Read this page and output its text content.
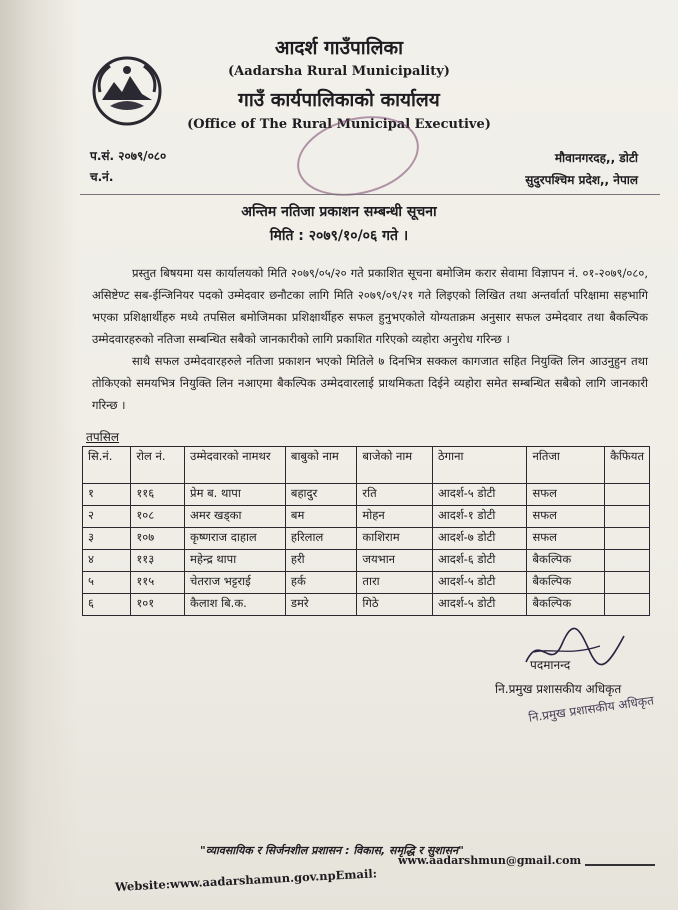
आदर्श गाउँपालिका
(Aadarsha Rural Municipality)
गाउँ कार्यपालिकाको कार्यालय
(Office of The Rural Municipal Executive)
प.सं. २०७९/०८०
च.नं.
मौवानगरदह,, डोटी
सुदुरपश्चिम प्रदेश,, नेपाल
अन्तिम नतिजा प्रकाशन सम्बन्धी सूचना
मिति : २०७९/१०/०६ गते ।
प्रस्तुत बिषयमा यस कार्यालयको मिति २०७९/०५/२० गते प्रकाशित सूचना बमोजिम करार सेवामा विज्ञापन नं. ०१-२०७९/०८०, असिष्टेण्ट सब-ईन्जिनियर पदको उम्मेदवार छनौटका लागि मिति २०७९/०९/२१ गते लिइएको लिखित तथा अन्तर्वार्ता परिक्षामा सहभागि भएका प्रशिक्षार्थीहरु मध्ये तपसिल बमोजिमका प्रशिक्षार्थीहरु सफल हुनुभएकोले योग्यताक्रम अनुसार सफल उम्मेदवार तथा बैकल्पिक उम्मेदवारहरुको नतिजा सम्बन्धित सबैको जानकारीको लागि प्रकाशित गरिएको व्यहोरा अनुरोध गरिन्छ ।
साथै सफल उम्मेदवारहरुले नतिजा प्रकाशन भएको मितिले ७ दिनभित्र सक्कल कागजात सहित नियुक्ति लिन आउनुहुन तथा तोकिएको समयभित्र नियुक्ति लिन नआएमा बैकल्पिक उम्मेदवारलाई प्राथमिकता दिईने व्यहोरा समेत सम्बन्धित सबैको लागि जानकारी गरिन्छ ।
तपसिल
सि.नं.	रोल नं.	उम्मेदवारको नामथर	बाबुको नाम	बाजेको नाम	ठेगाना	नतिजा	कैफियत
१	११६	प्रेम ब. थापा	बहादुर	रति	आदर्श-५ डोटी	सफल	
२	१०८	अमर खड्का	बम	मोहन	आदर्श-१ डोटी	सफल	
३	१०७	कृष्णराज दाहाल	हरिलाल	काशिराम	आदर्श-७ डोटी	सफल	
४	११३	महेन्द्र थापा	हरी	जयभान	आदर्श-६ डोटी	बैकल्पिक	
५	११५	चेतराज भट्टराई	हर्क	तारा	आदर्श-५ डोटी	बैकल्पिक	
६	१०१	कैलाश बि.क.	डमरे	गिठे	आदर्श-५ डोटी	बैकल्पिक	
पदमानन्द
नि.प्रमुख प्रशासकीय अधिकृत
नि.प्रमुख प्रशासकीय अधिकृत
"व्यावसायिक र सिर्जनशील प्रशासन : विकास, समृद्धि र सुशासन"
www.aadarshmun@gmail.com
Website:www.aadarshamun.gov.npEmail:
